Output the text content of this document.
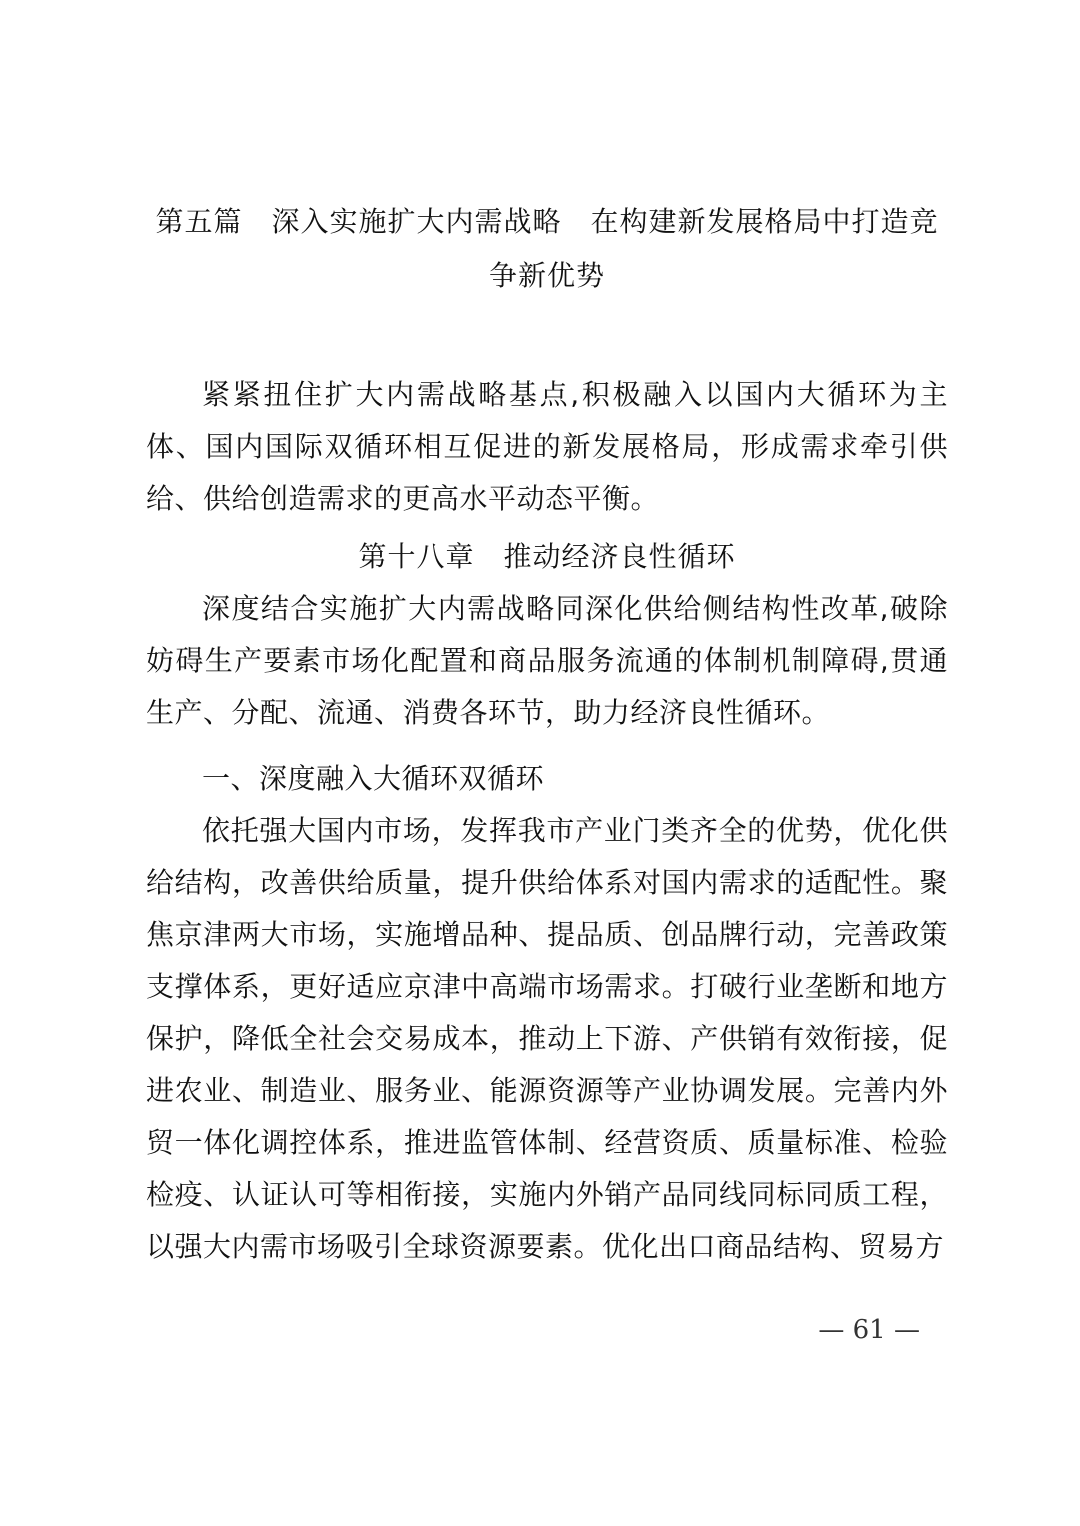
第五篇　深入实施扩大内需战略　在构建新发展格局中打造竞
争新优势

紧紧扭住扩大内需战略基点,积极融入以国内大循环为主体、国内国际双循环相互促进的新发展格局，形成需求牵引供给、供给创造需求的更高水平动态平衡。

第十八章　推动经济良性循环

深度结合实施扩大内需战略同深化供给侧结构性改革,破除妨碍生产要素市场化配置和商品服务流通的体制机制障碍,贯通生产、分配、流通、消费各环节，助力经济良性循环。

一、深度融入大循环双循环

依托强大国内市场，发挥我市产业门类齐全的优势，优化供给结构，改善供给质量，提升供给体系对国内需求的适配性。聚焦京津两大市场，实施增品种、提品质、创品牌行动，完善政策支撑体系，更好适应京津中高端市场需求。打破行业垄断和地方保护，降低全社会交易成本，推动上下游、产供销有效衔接，促进农业、制造业、服务业、能源资源等产业协调发展。完善内外贸一体化调控体系，推进监管体制、经营资质、质量标准、检验检疫、认证认可等相衔接，实施内外销产品同线同标同质工程，以强大内需市场吸引全球资源要素。优化出口商品结构、贸易方

— 61 —
